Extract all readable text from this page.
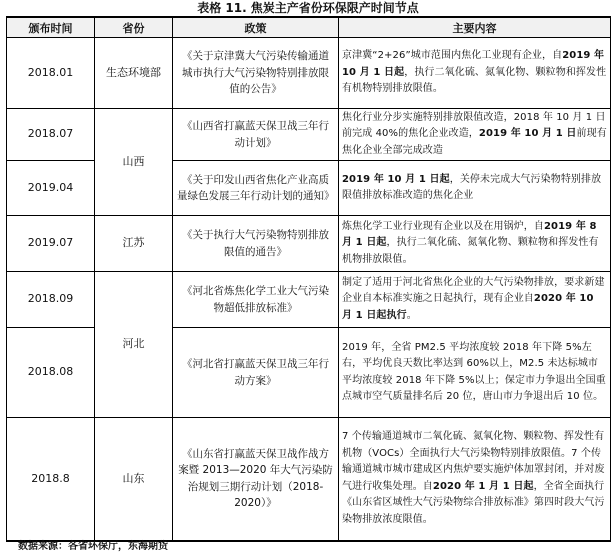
表格 11. 焦炭主产省份环保限产时间节点
颁布时间	省份	政策	主要内容
2018.01	生态环境部	《关于京津冀大气污染传输通道城市执行大气污染物特别排放限值的公告》	京津冀“2+26”城市范围内焦化工业现有企业，自2019 年 10 月 1 日起，执行二氧化硫、氮氧化物、颗粒物和挥发性有机物特别排放限值。
2018.07	山西	《山西省打赢蓝天保卫战三年行动计划》	焦化行业分步实施特别排放限值改造，2018 年 10 月 1 日前完成 40%的焦化企业改造，2019 年 10 月 1 日前现有焦化企业全部完成改造
2019.04		《关于印发山西省焦化产业高质量绿色发展三年行动计划的通知》	2019 年 10 月 1 日起，关停未完成大气污染物特别排放限值排放标准改造的焦化企业
2019.07	江苏	《关于执行大气污染物特别排放限值的通告》	炼焦化学工业行业现有企业以及在用锅炉，自2019 年 8 月 1 日起，执行二氧化硫、氮氧化物、颗粒物和挥发性有机物排放限值。
2018.09	河北	《河北省炼焦化学工业大气污染物超低排放标准》	制定了适用于河北省焦化企业的大气污染物排放，要求新建企业自本标准实施之日起执行，现有企业自2020 年 10 月 1 日起执行。
2018.08		《河北省打赢蓝天保卫战三年行动方案》	2019 年，全省 PM2.5 平均浓度较 2018 年下降 5%左右，平均优良天数比率达到 60%以上，M2.5 未达标城市平均浓度较 2018 年下降 5%以上；保定市力争退出全国重点城市空气质量排名后 20 位，唐山市力争退出后 10 位。
2018.8	山东	《山东省打赢蓝天保卫战作战方案暨 2013—2020 年大气污染防治规划三期行动计划（2018-2020）》	7 个传输通道城市二氧化硫、氮氧化物、颗粒物、挥发性有机物（VOCs）全面执行大气污染物特别排放限值。7 个传输通道城市城市建成区内焦炉要实施炉体加罩封闭，并对废气进行收集处理。自2020 年 1 月 1 日起，全省全面执行《山东省区域性大气污染物综合排放标准》第四时段大气污染物排放浓度限值。
数据来源：各省环保厅，东海期货
